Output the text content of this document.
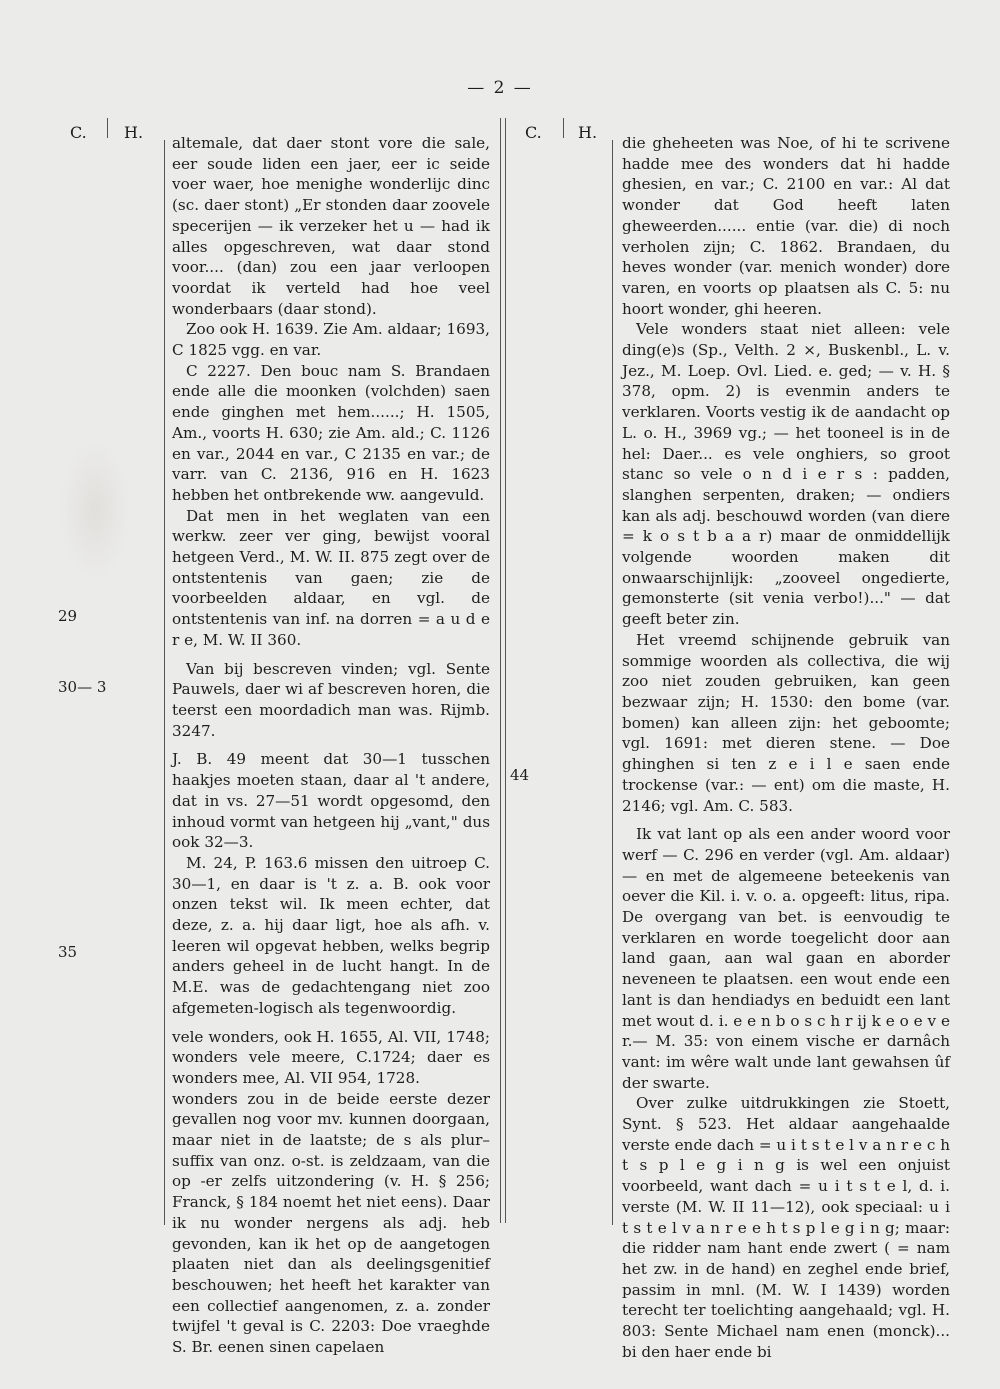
— 2 —
C. H.	C. H.
29
30— 3
35
44

altemale, dat daer stont vore die sale, eer soude liden een jaer, eer ic seide voer waer, hoe menighe wonderlijc dinc (sc. daer stont) „Er stonden daar zoovele specerijen — ik verzeker het u — had ik alles opgeschreven, wat daar stond voor.... (dan) zou een jaar verloopen voordat ik verteld had hoe veel wonderbaars (daar stond).

Zoo ook H. 1639. Zie Am. aldaar; 1693, C 1825 vgg. en var.

C 2227. Den bouc nam S. Brandaen ende alle die moonken (volchden) saen ende ginghen met hem......; H. 1505, Am., voorts H. 630; zie Am. ald.; C. 1126 en var., 2044 en var., C 2135 en var.; de varr. van C. 2136, 916 en H. 1623 hebben het ontbrekende ww. aangevuld.

Dat men in het weglaten van een werkw. zeer ver ging, bewijst vooral hetgeen Verd., M. W. II. 875 zegt over de ontstentenis van gaen; zie de voorbeelden aldaar, en vgl. de ontstentenis van inf. na dorren = a u d e r e, M. W. II 360.

Van bij bescreven vinden; vgl. Sente Pauwels, daer wi af bescreven horen, die teerst een moordadich man was. Rijmb. 3247.

J. B. 49 meent dat 30—1 tusschen haakjes moeten staan, daar al 't andere, dat in vs. 27—51 wordt opgesomd, den inhoud vormt van hetgeen hij „vant," dus ook 32—3.

M. 24, P. 163.6 missen den uitroep C. 30—1, en daar is 't z. a. B. ook voor onzen tekst wil. Ik meen echter, dat deze, z. a. hij daar ligt, hoe als afh. v. leeren wil opgevat hebben, welks begrip anders geheel in de lucht hangt. In de M.E. was de gedachtengang niet zoo afgemeten-logisch als tegenwoordig.

vele wonders, ook H. 1655, Al. VII, 1748; wonders vele meere, C.1724; daer es wonders mee, Al. VII 954, 1728.

wonders zou in de beide eerste dezer gevallen nog voor mv. kunnen doorgaan, maar niet in de laatste; de s als plur–suffix van onz. o-st. is zeldzaam, van die op -er zelfs uitzondering (v. H. § 256; Franck, § 184 noemt het niet eens). Daar ik nu wonder nergens als adj. heb gevonden, kan ik het op de aangetogen plaaten niet dan als deelingsgenitief beschouwen; het heeft het karakter van een collectief aangenomen, z. a. zonder twijfel 't geval is C. 2203: Doe vraeghde S. Br. eenen sinen capelaen

die gheheeten was Noe, of hi te scrivene hadde mee des wonders dat hi hadde ghesien, en var.; C. 2100 en var.: Al dat wonder dat God heeft laten gheweerden...... entie (var. die) di noch verholen zijn; C. 1862. Brandaen, du heves wonder (var. menich wonder) dore varen, en voorts op plaatsen als C. 5: nu hoort wonder, ghi heeren.

Vele wonders staat niet alleen: vele ding(e)s (Sp., Velth. 2 ×, Buskenbl., L. v. Jez., M. Loep. Ovl. Lied. e. ged; — v. H. § 378, opm. 2) is evenmin anders te verklaren. Voorts vestig ik de aandacht op L. o. H., 3969 vg.; — het tooneel is in de hel: Daer... es vele onghiers, so groot stanc so vele o n d i e r s : padden, slanghen serpenten, draken; — ondiers kan als adj. beschouwd worden (van diere = k o s t b a a r) maar de onmiddellijk volgende woorden maken dit onwaarschijnlijk: „zooveel ongedierte, gemonsterte (sit venia verbo!)..." — dat geeft beter zin.

Het vreemd schijnende gebruik van sommige woorden als collectiva, die wij zoo niet zouden gebruiken, kan geen bezwaar zijn; H. 1530: den bome (var. bomen) kan alleen zijn: het geboomte; vgl. 1691: met dieren stene. — Doe ghinghen si ten z e i l e saen ende trockense (var.: — ent) om die maste, H. 2146; vgl. Am. C. 583.

Ik vat lant op als een ander woord voor werf — C. 296 en verder (vgl. Am. aldaar) — en met de algemeene beteekenis van oever die Kil. i. v. o. a. opgeeft: litus, ripa. De overgang van bet. is eenvoudig te verklaren en worde toegelicht door aan land gaan, aan wal gaan en aborder neveneen te plaatsen. een wout ende een lant is dan hendiadys en beduidt een lant met wout d. i. e e n b o s c h r ij k e o e v e r.— M. 35: von einem vische er darnâch vant: im wêre walt unde lant gewahsen ûf der swarte.

Over zulke uitdrukkingen zie Stoett, Synt. § 523. Het aldaar aangehaalde verste ende dach = u i t s t e l v a n r e c h t s p l e g i n g is wel een onjuist voorbeeld, want dach = u i t s t e l, d. i. verste (M. W. II 11—12), ook speciaal: u i t s t e l v a n r e e h t s p l e g i n g; maar: die ridder nam hant ende zwert ( = nam het zw. in de hand) en zeghel ende brief, passim in mnl. (M. W. I 1439) worden terecht ter toelichting aangehaald; vgl. H. 803: Sente Michael nam enen (monck)... bi den haer ende bi
